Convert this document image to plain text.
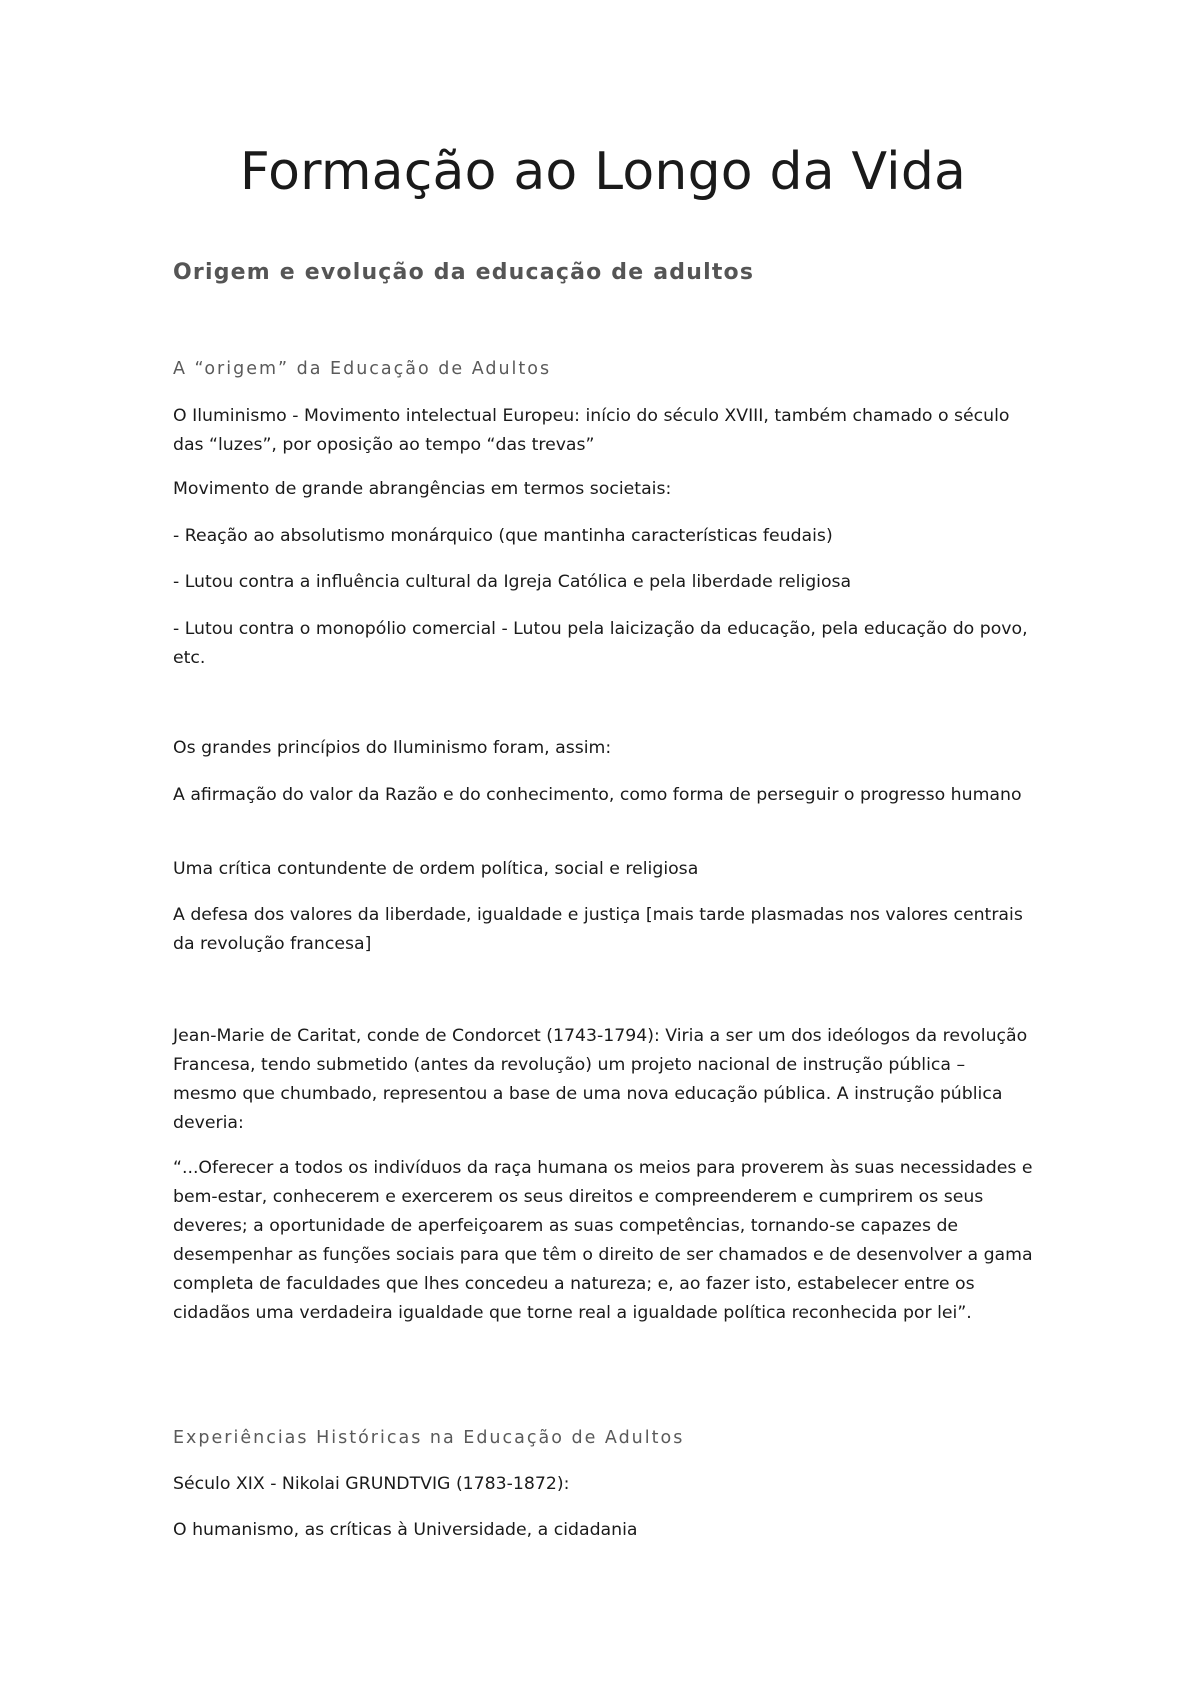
Formação ao Longo da Vida
Origem e evolução da educação de adultos
A “origem” da Educação de Adultos

O Iluminismo - Movimento intelectual Europeu: início do século XVIII, também chamado o século das “luzes”, por oposição ao tempo “das trevas”

Movimento de grande abrangências em termos societais:

- Reação ao absolutismo monárquico (que mantinha características feudais)

- Lutou contra a influência cultural da Igreja Católica e pela liberdade religiosa

- Lutou contra o monopólio comercial - Lutou pela laicização da educação, pela educação do povo, etc.

Os grandes princípios do Iluminismo foram, assim:

A afirmação do valor da Razão e do conhecimento, como forma de perseguir o progresso humano

Uma crítica contundente de ordem política, social e religiosa

A defesa dos valores da liberdade, igualdade e justiça [mais tarde plasmadas nos valores centrais da revolução francesa]

Jean-Marie de Caritat, conde de Condorcet (1743-1794): Viria a ser um dos ideólogos da revolução Francesa, tendo submetido (antes da revolução) um projeto nacional de instrução pública – mesmo que chumbado, representou a base de uma nova educação pública. A instrução pública deveria:

“...Oferecer a todos os indivíduos da raça humana os meios para proverem às suas necessidades e bem-estar, conhecerem e exercerem os seus direitos e compreenderem e cumprirem os seus deveres; a oportunidade de aperfeiçoarem as suas competências, tornando-se capazes de desempenhar as funções sociais para que têm o direito de ser chamados e de desenvolver a gama completa de faculdades que lhes concedeu a natureza; e, ao fazer isto, estabelecer entre os cidadãos uma verdadeira igualdade que torne real a igualdade política reconhecida por lei”.

Experiências Históricas na Educação de Adultos

Século XIX - Nikolai GRUNDTVIG (1783-1872):

O humanismo, as críticas à Universidade, a cidadania
